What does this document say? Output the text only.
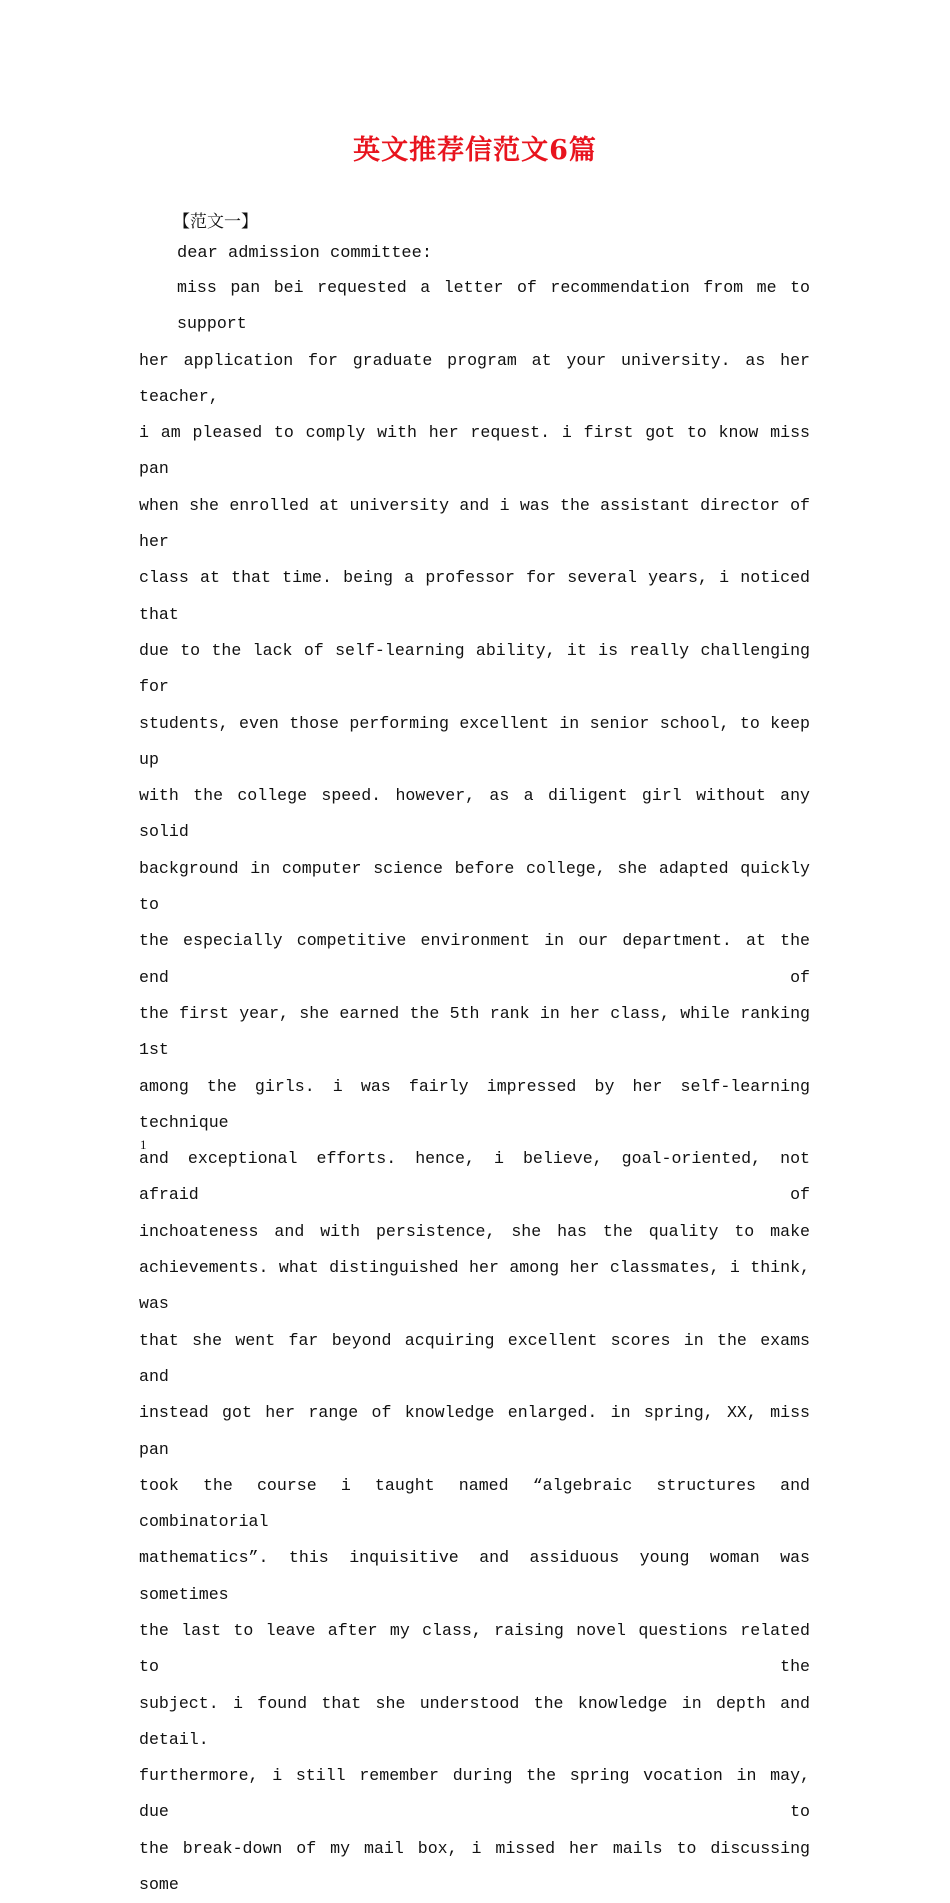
英文推荐信范文6篇

【范文一】

dear admission committee:

miss pan bei requested a letter of recommendation from me to support
her application for graduate program at your university. as her teacher,
i am pleased to comply with her request. i first got to know miss pan
when she enrolled at university and i was the assistant director of her
class at that time. being a professor for several years, i noticed that
due to the lack of self-learning ability, it is really challenging for
students, even those performing excellent in senior school, to keep up
with the college speed. however, as a diligent girl without any solid
background in computer science before college, she adapted quickly to
the especially competitive environment in our department. at the end of
the first year, she earned the 5th rank in her class, while ranking 1st
among the girls. i was fairly impressed by her self-learning technique
and exceptional efforts. hence, i believe, goal-oriented, not afraid of
inchoateness and with persistence, she has the quality to make
achievements. what distinguished her among her classmates, i think, was
that she went far beyond acquiring excellent scores in the exams and
instead got her range of knowledge enlarged. in spring, XX, miss pan
took the course i taught named “algebraic structures and combinatorial
mathematics”. this inquisitive and assiduous young woman was sometimes
the last to leave after my class, raising novel questions related to the
subject. i found that she understood the knowledge in depth and detail.
furthermore, i still remember during the spring vocation in may, due to
the break-down of my mail box, i missed her mails to discussing some

1
